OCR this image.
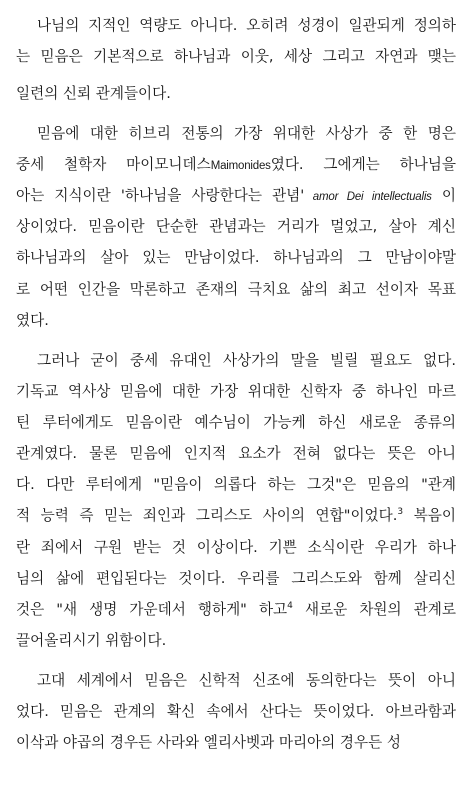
나님의 지적인 역량도 아니다. 오히려 성경이 일관되게 정의하
는 믿음은 기본적으로 하나님과 이웃, 세상 그리고 자연과 맺는
일련의 신뢰 관계들이다.
믿음에 대한 히브리 전통의 가장 위대한 사상가 중 한 명은
중세 철학자 마이모니데스Maimonides였다. 그에게는 하나님을
아는 지식이란 '하나님을 사랑한다는 관념' amor Dei intellectualis 이
상이었다. 믿음이란 단순한 관념과는 거리가 멀었고, 살아 계신
하나님과의 살아 있는 만남이었다. 하나님과의 그 만남이야말
로 어떤 인간을 막론하고 존재의 극치요 삶의 최고 선이자 목표
였다.
그러나 굳이 중세 유대인 사상가의 말을 빌릴 필요도 없다.
기독교 역사상 믿음에 대한 가장 위대한 신학자 중 하나인 마르
틴 루터에게도 믿음이란 예수님이 가능케 하신 새로운 종류의
관계였다. 물론 믿음에 인지적 요소가 전혀 없다는 뜻은 아니
다. 다만 루터에게 "믿음이 의롭다 하는 그것"은 믿음의 "관계
적 능력 즉 믿는 죄인과 그리스도 사이의 연합"이었다.$^3$ 복음이
란 죄에서 구원 받는 것 이상이다. 기쁜 소식이란 우리가 하나
님의 삶에 편입된다는 것이다. 우리를 그리스도와 함께 살리신
것은 "새 생명 가운데서 행하게" 하고$^4$ 새로운 차원의 관계로
끌어올리시기 위함이다.
고대 세계에서 믿음은 신학적 신조에 동의한다는 뜻이 아니
었다. 믿음은 관계의 확신 속에서 산다는 뜻이었다. 아브라함과
이삭과 야곱의 경우든 사라와 엘리사벳과 마리아의 경우든 성
